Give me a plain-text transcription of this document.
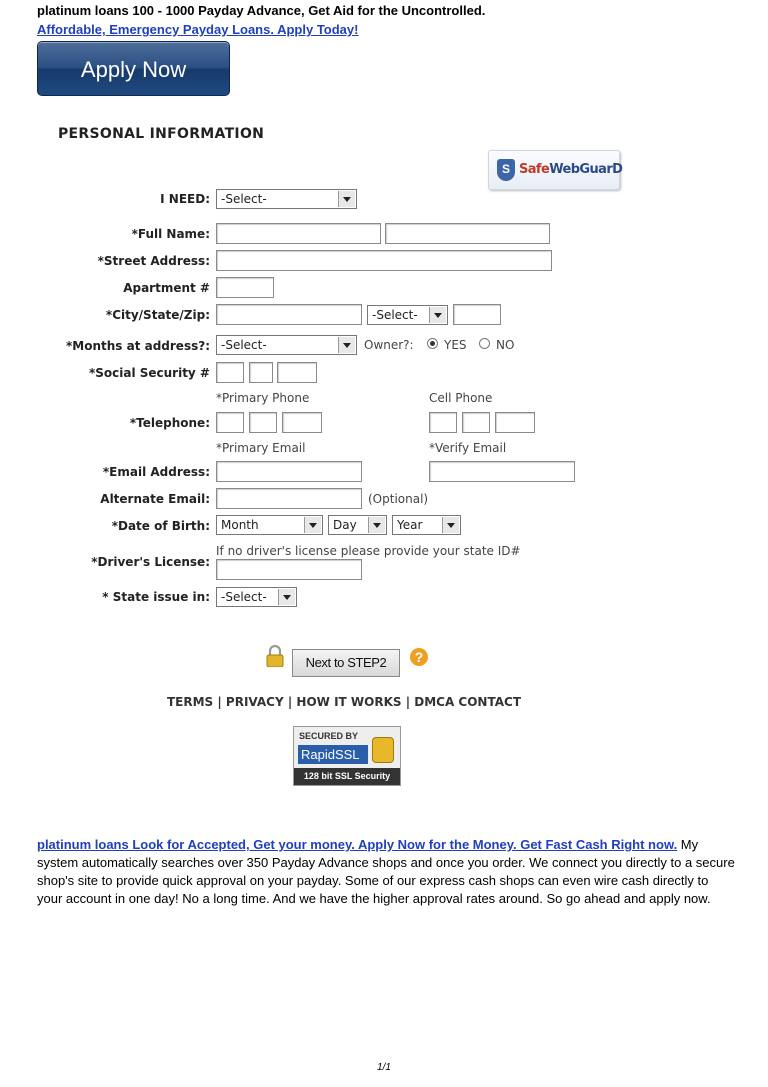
platinum loans 100 - 1000 Payday Advance, Get Aid for the Uncontrolled.
Affordable, Emergency Payday Loans. Apply Today!
Apply Now
PERSONAL INFORMATION
S SafeWebGuarD
I NEED: -Select-
*Full Name:
*Street Address:
Apartment #
*City/State/Zip:	-Select-
*Months at address?: -Select-	Owner?:	YES NO
*Social Security #
*Primary Phone	Cell Phone
*Telephone:
*Primary Email	*Verify Email
*Email Address:
Alternate Email:	(Optional)
*Date of Birth: Month	Day	Year
If no driver's license please provide your state ID#
*Driver's License:
* State issue in: -Select-
Next to STEP2	?
TERMS | PRIVACY | HOW IT WORKS | DMCA CONTACT
SECURED BY
RapidSSL
128 bit SSL Security
platinum loans Look for Accepted, Get your money. Apply Now for the Money. Get Fast Cash Right now. My system automatically searches over 350 Payday Advance shops and once you order. We connect you directly to a secure shop's site to provide quick approval on your payday. Some of our express cash shops can even wire cash directly to your account in one day! No a long time. And we have the higher approval rates around. So go ahead and apply now.
1/1
